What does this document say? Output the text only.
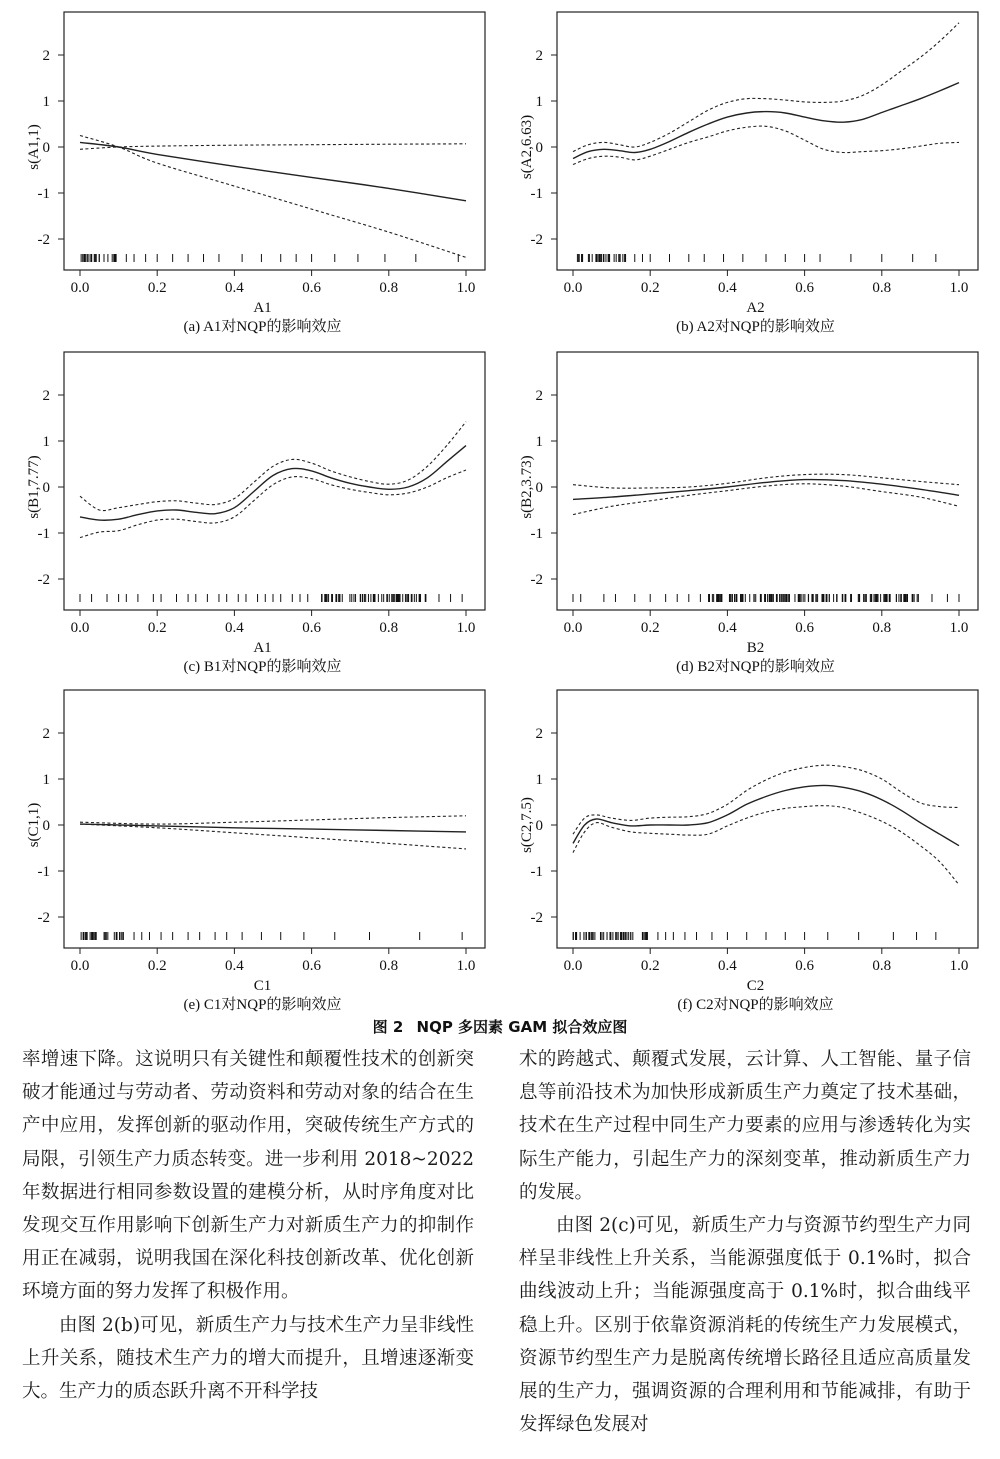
2
1
0
-1
-2
0.0	0.2	0.4	0.6	0.8	1.0
A1
s(A1,1)
(a) A1对NQP的影响效应
2
1
0
-1
-2
0.0	0.2	0.4	0.6	0.8	1.0
A2
s(A2,6.63)
(b) A2对NQP的影响效应
2
1
0
-1
-2
0.0	0.2	0.4	0.6	0.8	1.0
A1
s(B1,7.77)
(c) B1对NQP的影响效应
2
1
0
-1
-2
0.0	0.2	0.4	0.6	0.8	1.0
B2
s(B2,3.73)
(d) B2对NQP的影响效应
2
1
0
-1
-2
0.0	0.2	0.4	0.6	0.8	1.0
C1
s(C1,1)
(e) C1对NQP的影响效应
2
1
0
-1
-2
0.0	0.2	0.4	0.6	0.8	1.0
C2
s(C2,7.5)
(f) C2对NQP的影响效应
图 2 NQP 多因素 GAM 拟合效应图

率增速下降。这说明只有关键性和颠覆性技术的创新突破才能通过与劳动者、劳动资料和劳动对象的结合在生产中应用，发挥创新的驱动作用，突破传统生产方式的局限，引领生产力质态转变。进一步利用 2018~2022 年数据进行相同参数设置的建模分析，从时序角度对比发现交互作用影响下创新生产力对新质生产力的抑制作用正在减弱，说明我国在深化科技创新改革、优化创新环境方面的努力发挥了积极作用。

由图 2(b)可见，新质生产力与技术生产力呈非线性上升关系，随技术生产力的增大而提升，且增速逐渐变大。生产力的质态跃升离不开科学技

术的跨越式、颠覆式发展，云计算、人工智能、量子信息等前沿技术为加快形成新质生产力奠定了技术基础，技术在生产过程中同生产力要素的应用与渗透转化为实际生产能力，引起生产力的深刻变革，推动新质生产力的发展。

由图 2(c)可见，新质生产力与资源节约型生产力同样呈非线性上升关系，当能源强度低于 0.1%时，拟合曲线波动上升；当能源强度高于 0.1%时，拟合曲线平稳上升。区别于依靠资源消耗的传统生产力发展模式，资源节约型生产力是脱离传统增长路径且适应高质量发展的生产力，强调资源的合理利用和节能减排，有助于发挥绿色发展对
